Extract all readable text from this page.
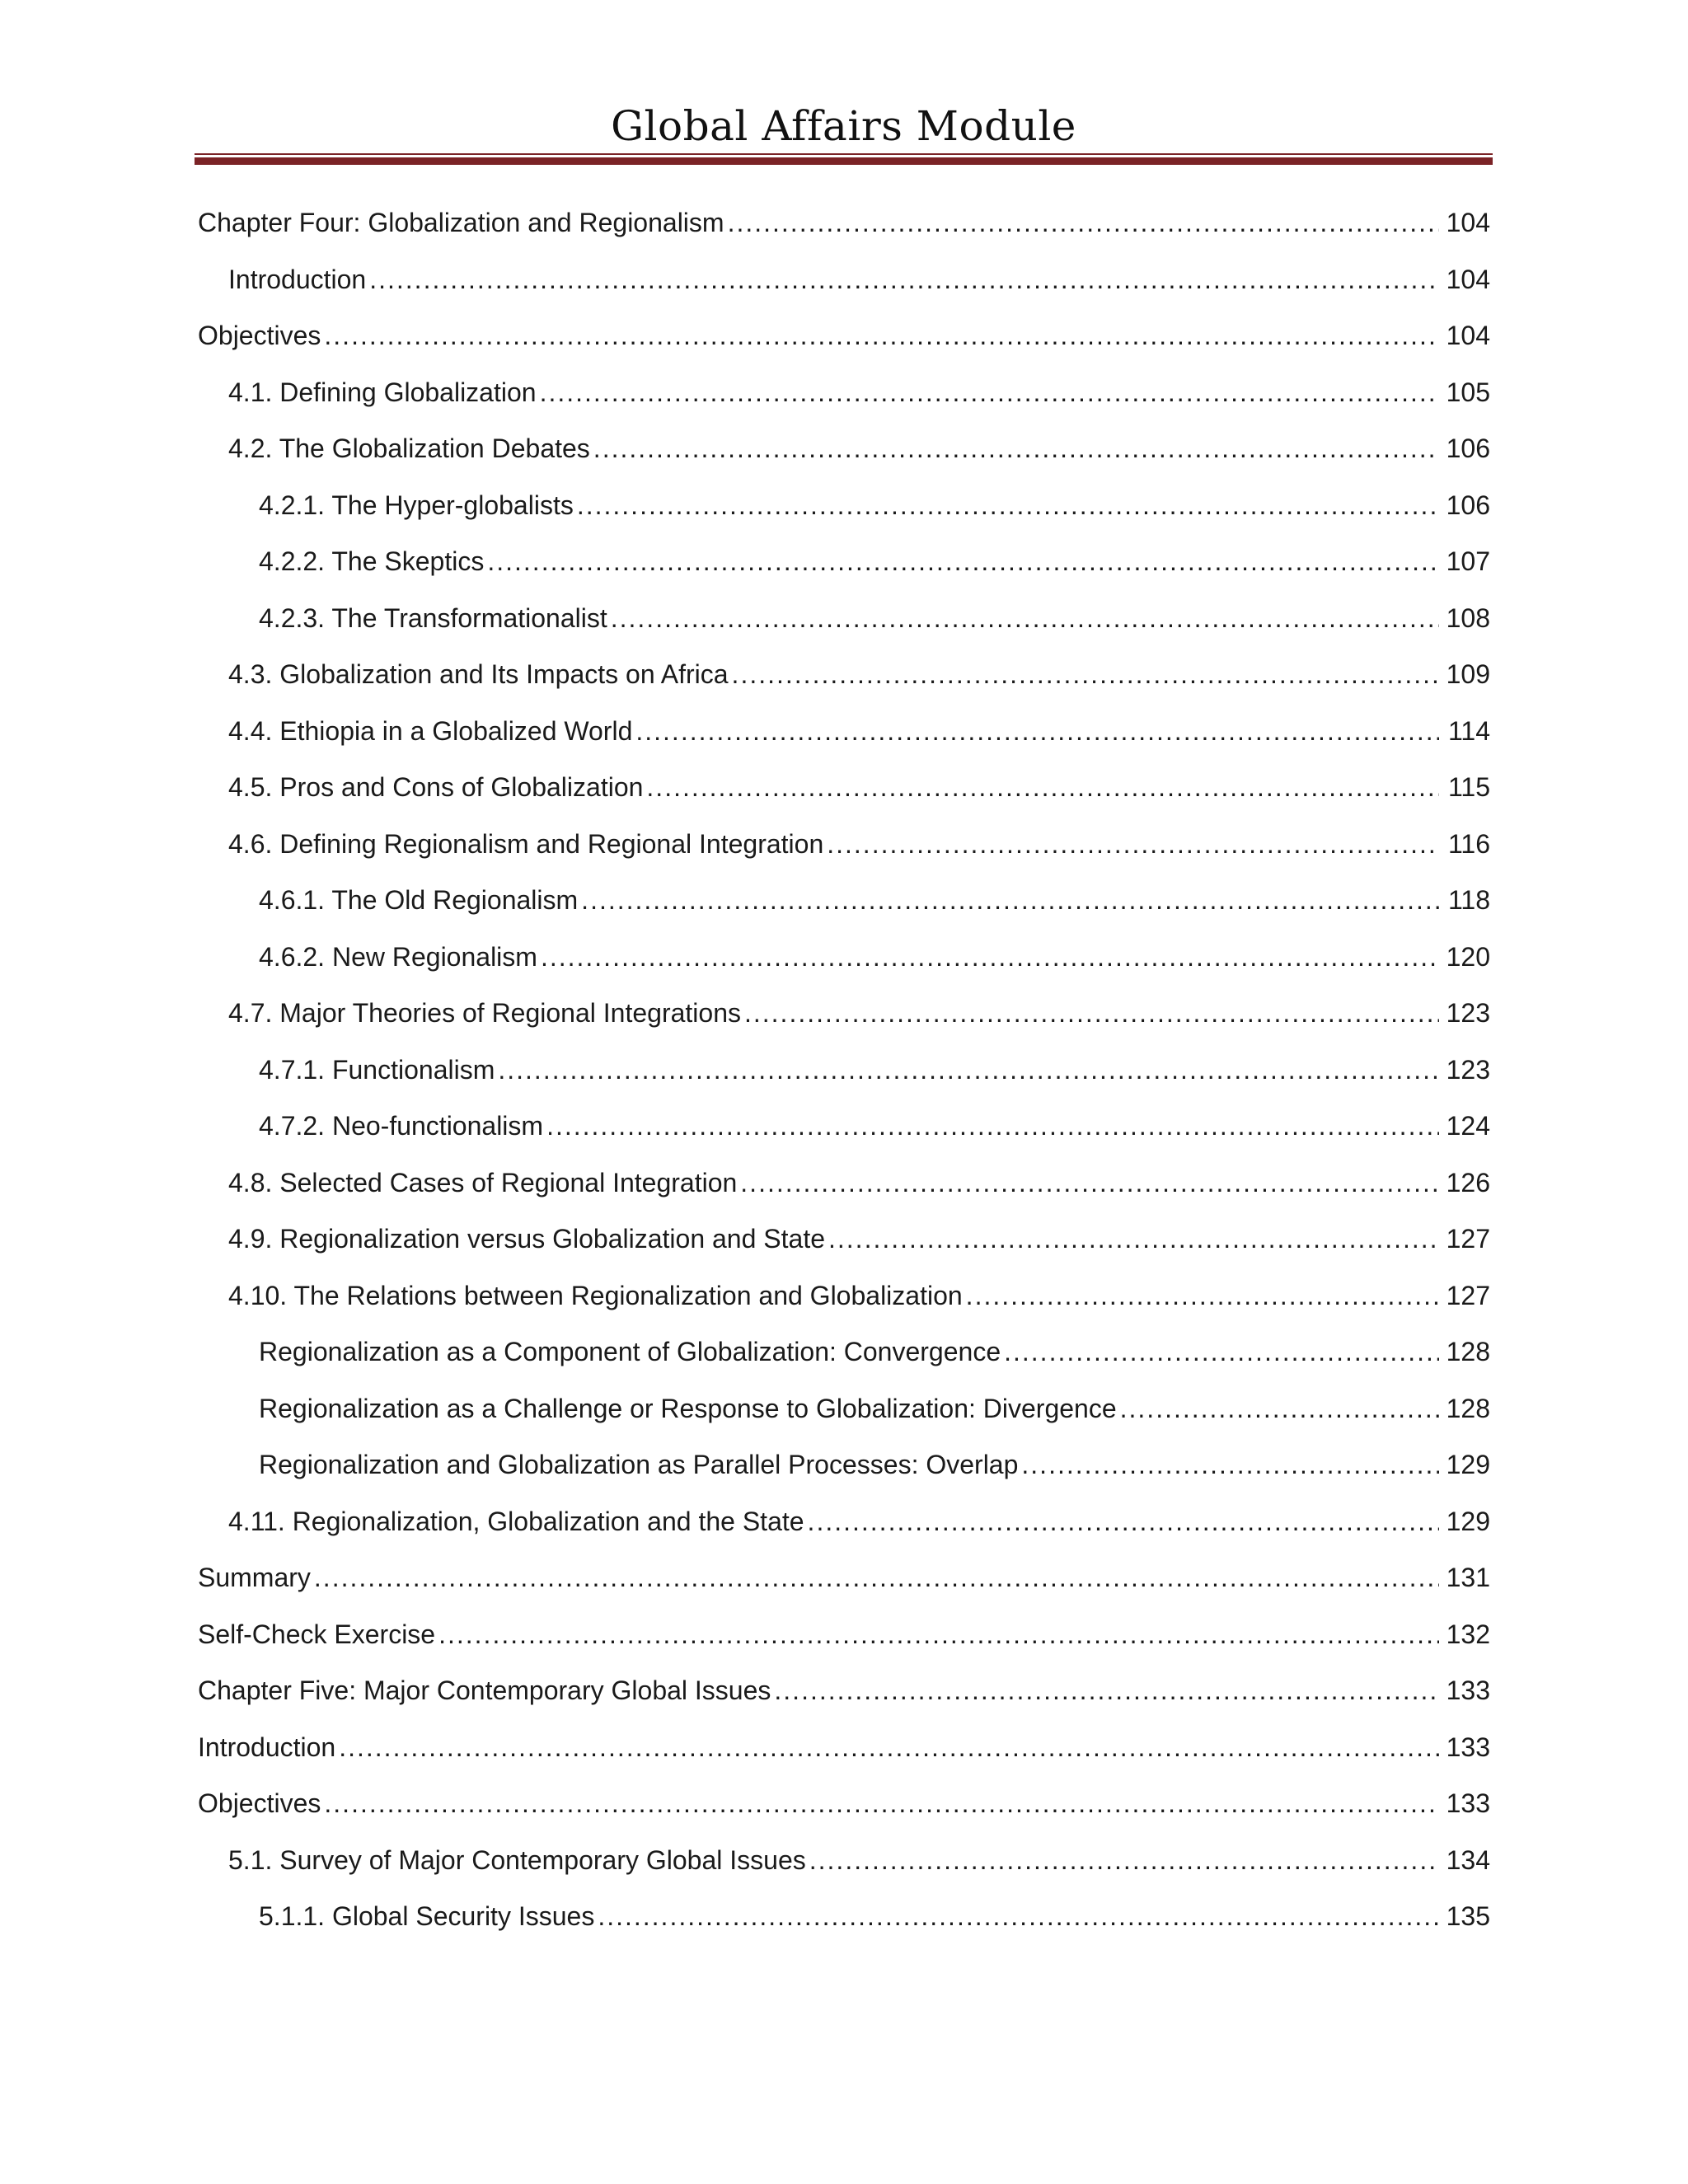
Global Affairs Module
Chapter Four: Globalization and Regionalism .....	104
Introduction .....	104
Objectives .....	104
4.1. Defining Globalization .....	105
4.2. The Globalization Debates .....	106
4.2.1. The Hyper-globalists .....	106
4.2.2. The Skeptics .....	107
4.2.3. The Transformationalist .....	108
4.3. Globalization and Its Impacts on Africa .....	109
4.4. Ethiopia in a Globalized World .....	114
4.5. Pros and Cons of Globalization .....	115
4.6. Defining Regionalism and Regional Integration .....	116
4.6.1. The Old Regionalism .....	118
4.6.2. New Regionalism .....	120
4.7. Major Theories of Regional Integrations .....	123
4.7.1. Functionalism .....	123
4.7.2. Neo-functionalism .....	124
4.8. Selected Cases of Regional Integration .....	126
4.9. Regionalization versus Globalization and State .....	127
4.10. The Relations between Regionalization and Globalization .....	127
Regionalization as a Component of Globalization: Convergence .....	128
Regionalization as a Challenge or Response to Globalization: Divergence .....	128
Regionalization and Globalization as Parallel Processes: Overlap .....	129
4.11. Regionalization, Globalization and the State .....	129
Summary .....	131
Self-Check Exercise .....	132
Chapter Five: Major Contemporary Global Issues .....	133
Introduction .....	133
Objectives .....	133
5.1. Survey of Major Contemporary Global Issues .....	134
5.1.1. Global Security Issues .....	135
